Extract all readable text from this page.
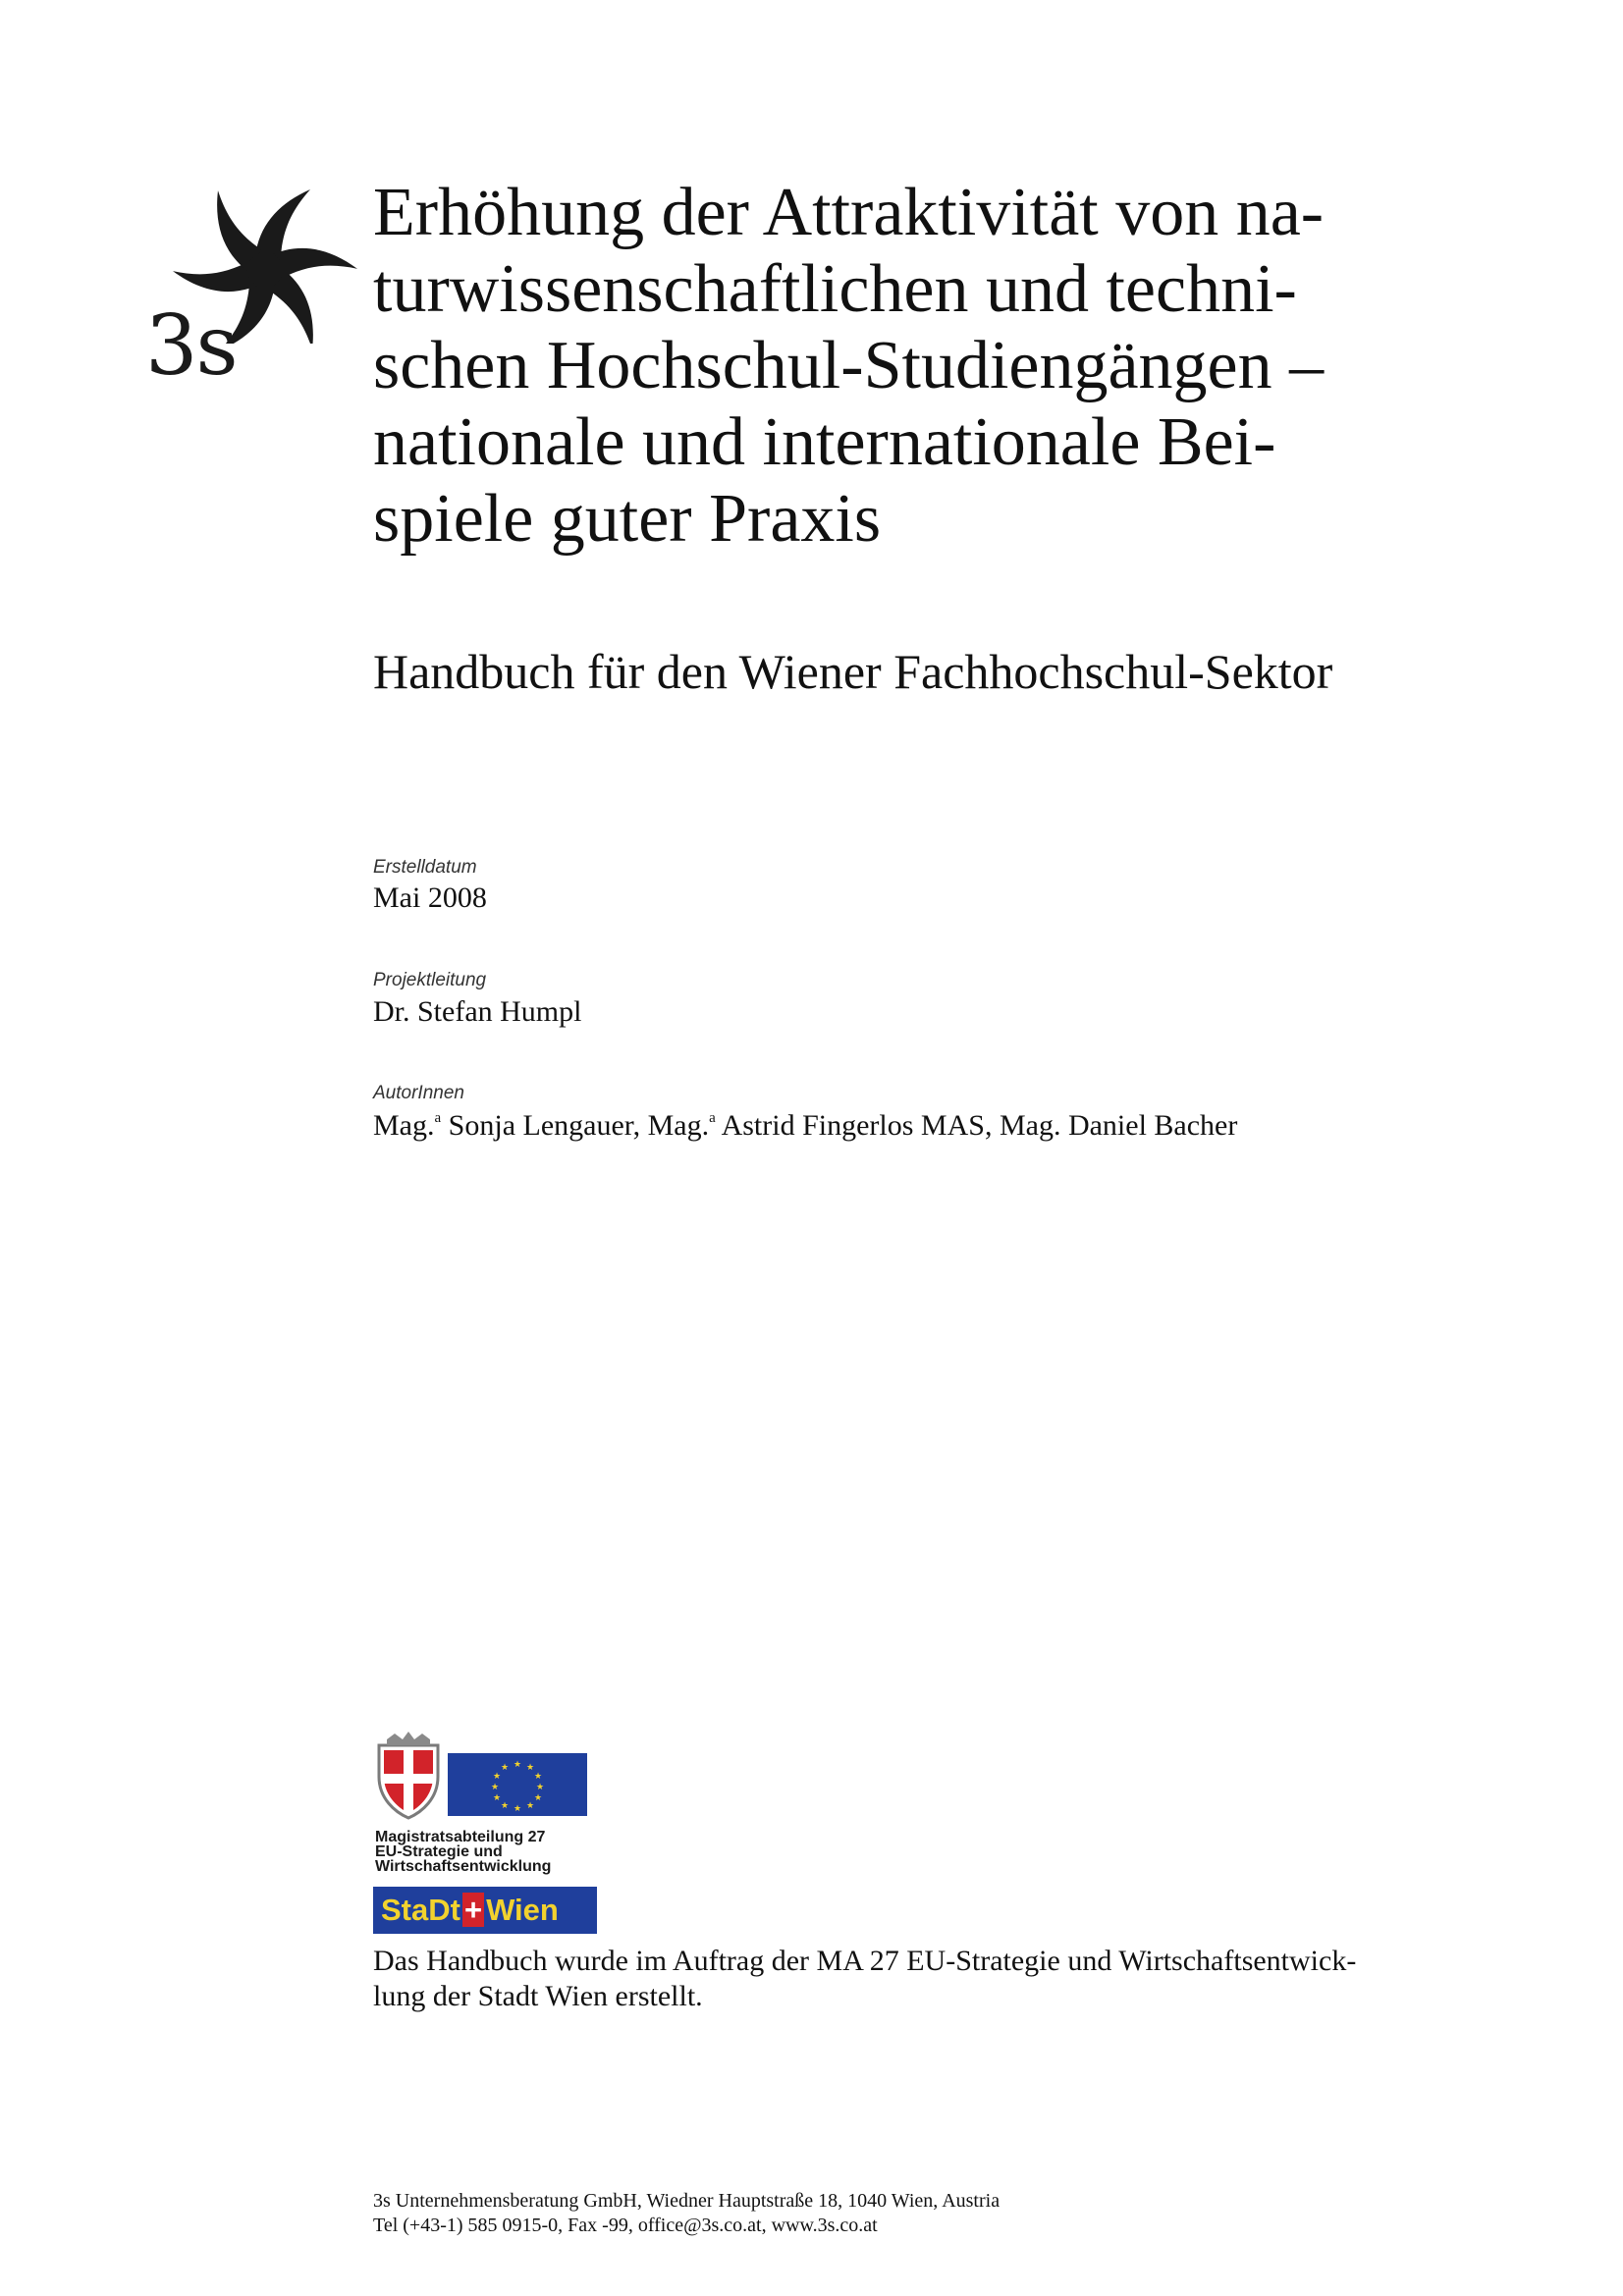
3s
Erhöhung der Attraktivität von na-
turwissenschaftlichen und techni-
schen Hochschul-Studiengängen –
nationale und internationale Bei-
spiele guter Praxis
Handbuch für den Wiener Fachhochschul-Sektor
Erstelldatum
Mai 2008
Projektleitung
Dr. Stefan Humpl
AutorInnen
Mag.$^a$ Sonja Lengauer, Mag.$^a$ Astrid Fingerlos MAS, Mag. Daniel Bacher
★ ★
★
★
★
★
★
★
★
★
★
★
Magistratsabteilung 27
EU-Strategie und
Wirtschaftsentwicklung
StaDt + Wien
Das Handbuch wurde im Auftrag der MA 27 EU-Strategie und Wirtschaftsentwick-
lung der Stadt Wien erstellt.
3s Unternehmensberatung GmbH, Wiedner Hauptstraße 18, 1040 Wien, Austria
Tel (+43-1) 585 0915-0, Fax -99, office@3s.co.at, www.3s.co.at
